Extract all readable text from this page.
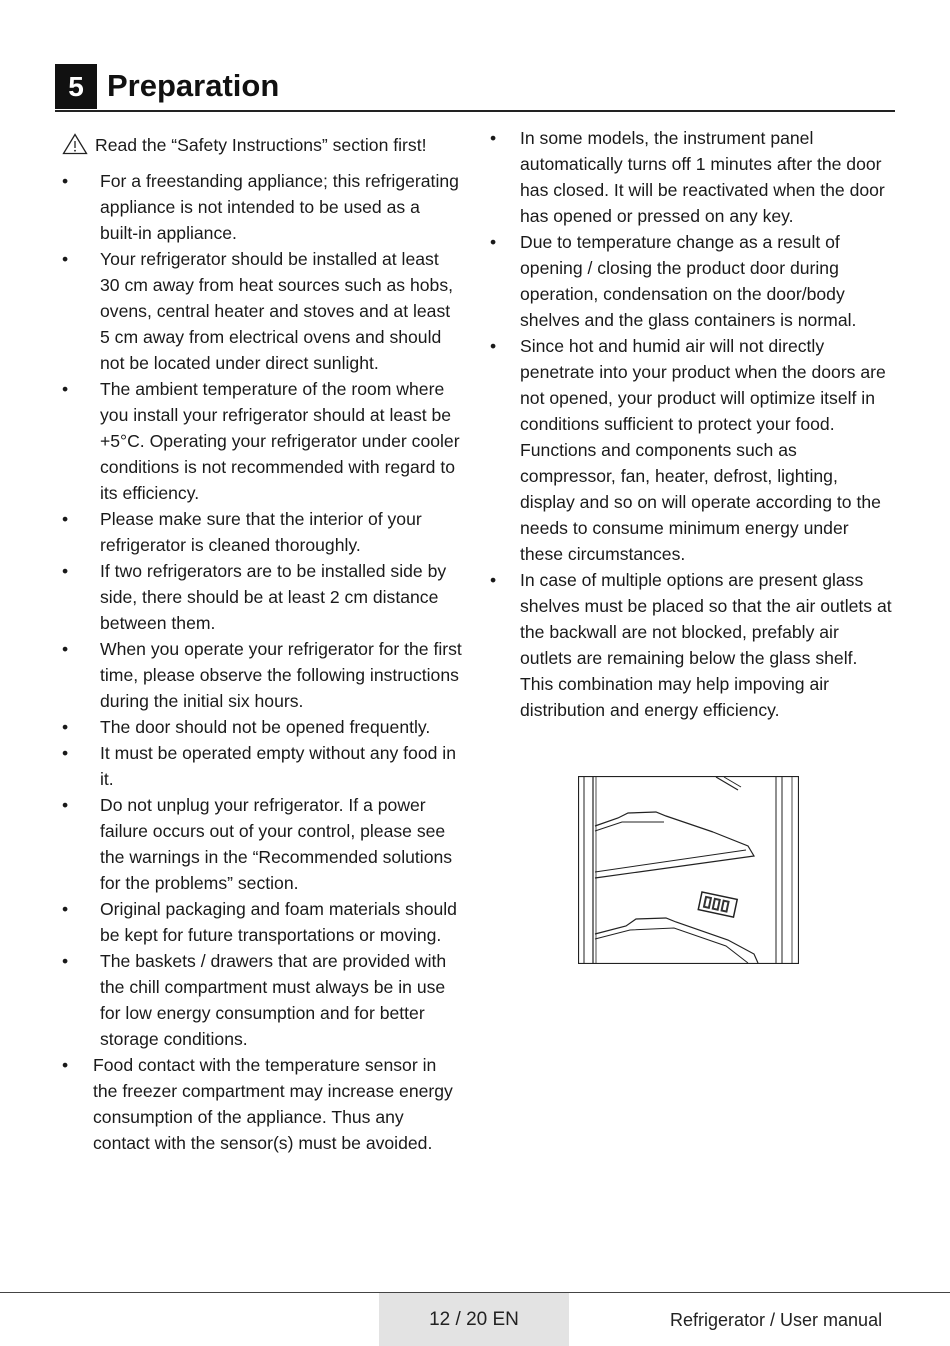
5 Preparation
Read the “Safety Instructions” section first!
• For a freestanding appliance; this refrigerating appliance is not intended to be used as a built-in appliance.
• Your refrigerator should be installed at least 30 cm away from heat sources such as hobs, ovens, central heater and stoves and at least 5 cm away from electrical ovens and should not be located under direct sunlight.
• The ambient temperature of the room where you install your refrigerator should at least be +5°C. Operating your refrigerator under cooler conditions is not recommended with regard to its efficiency.
• Please make sure that the interior of your refrigerator is cleaned thoroughly.
• If two refrigerators are to be installed side by side, there should be at least 2 cm distance between them.
• When you operate your refrigerator for the first time, please observe the following instructions during the initial six hours.
• The door should not be opened frequently.
• It must be operated empty without any food in it.
• Do not unplug your refrigerator. If a power failure occurs out of your control, please see the warnings in the “Recommended solutions for the problems” section.
• Original packaging and foam materials should be kept for future transportations or moving.
• The baskets / drawers that are provided with the chill compartment must always be in use for low energy consumption and for better storage conditions.
• Food contact with the temperature sensor in the freezer compartment may increase energy consumption of the appliance. Thus any contact with the sensor(s) must be avoided.
• In some models, the instrument panel automatically turns off 1 minutes after the door has closed. It will be reactivated when the door has opened or pressed on any key.
• Due to temperature change as a result of opening / closing the product door during operation, condensation on the door/body shelves and the glass containers is normal.
• Since hot and humid air will not directly penetrate into your product when the doors are not opened, your product will optimize itself in conditions sufficient to protect your food. Functions and components such as compressor, fan, heater, defrost, lighting, display and so on will operate according to the needs to consume minimum energy under these circumstances.
• In case of multiple options are present glass shelves must be placed so that the air outlets at the backwall are not blocked, prefably air outlets are remaining below the glass shelf. This combination may help impoving air distribution and energy efficiency.
12 / 20 EN	Refrigerator / User manual
